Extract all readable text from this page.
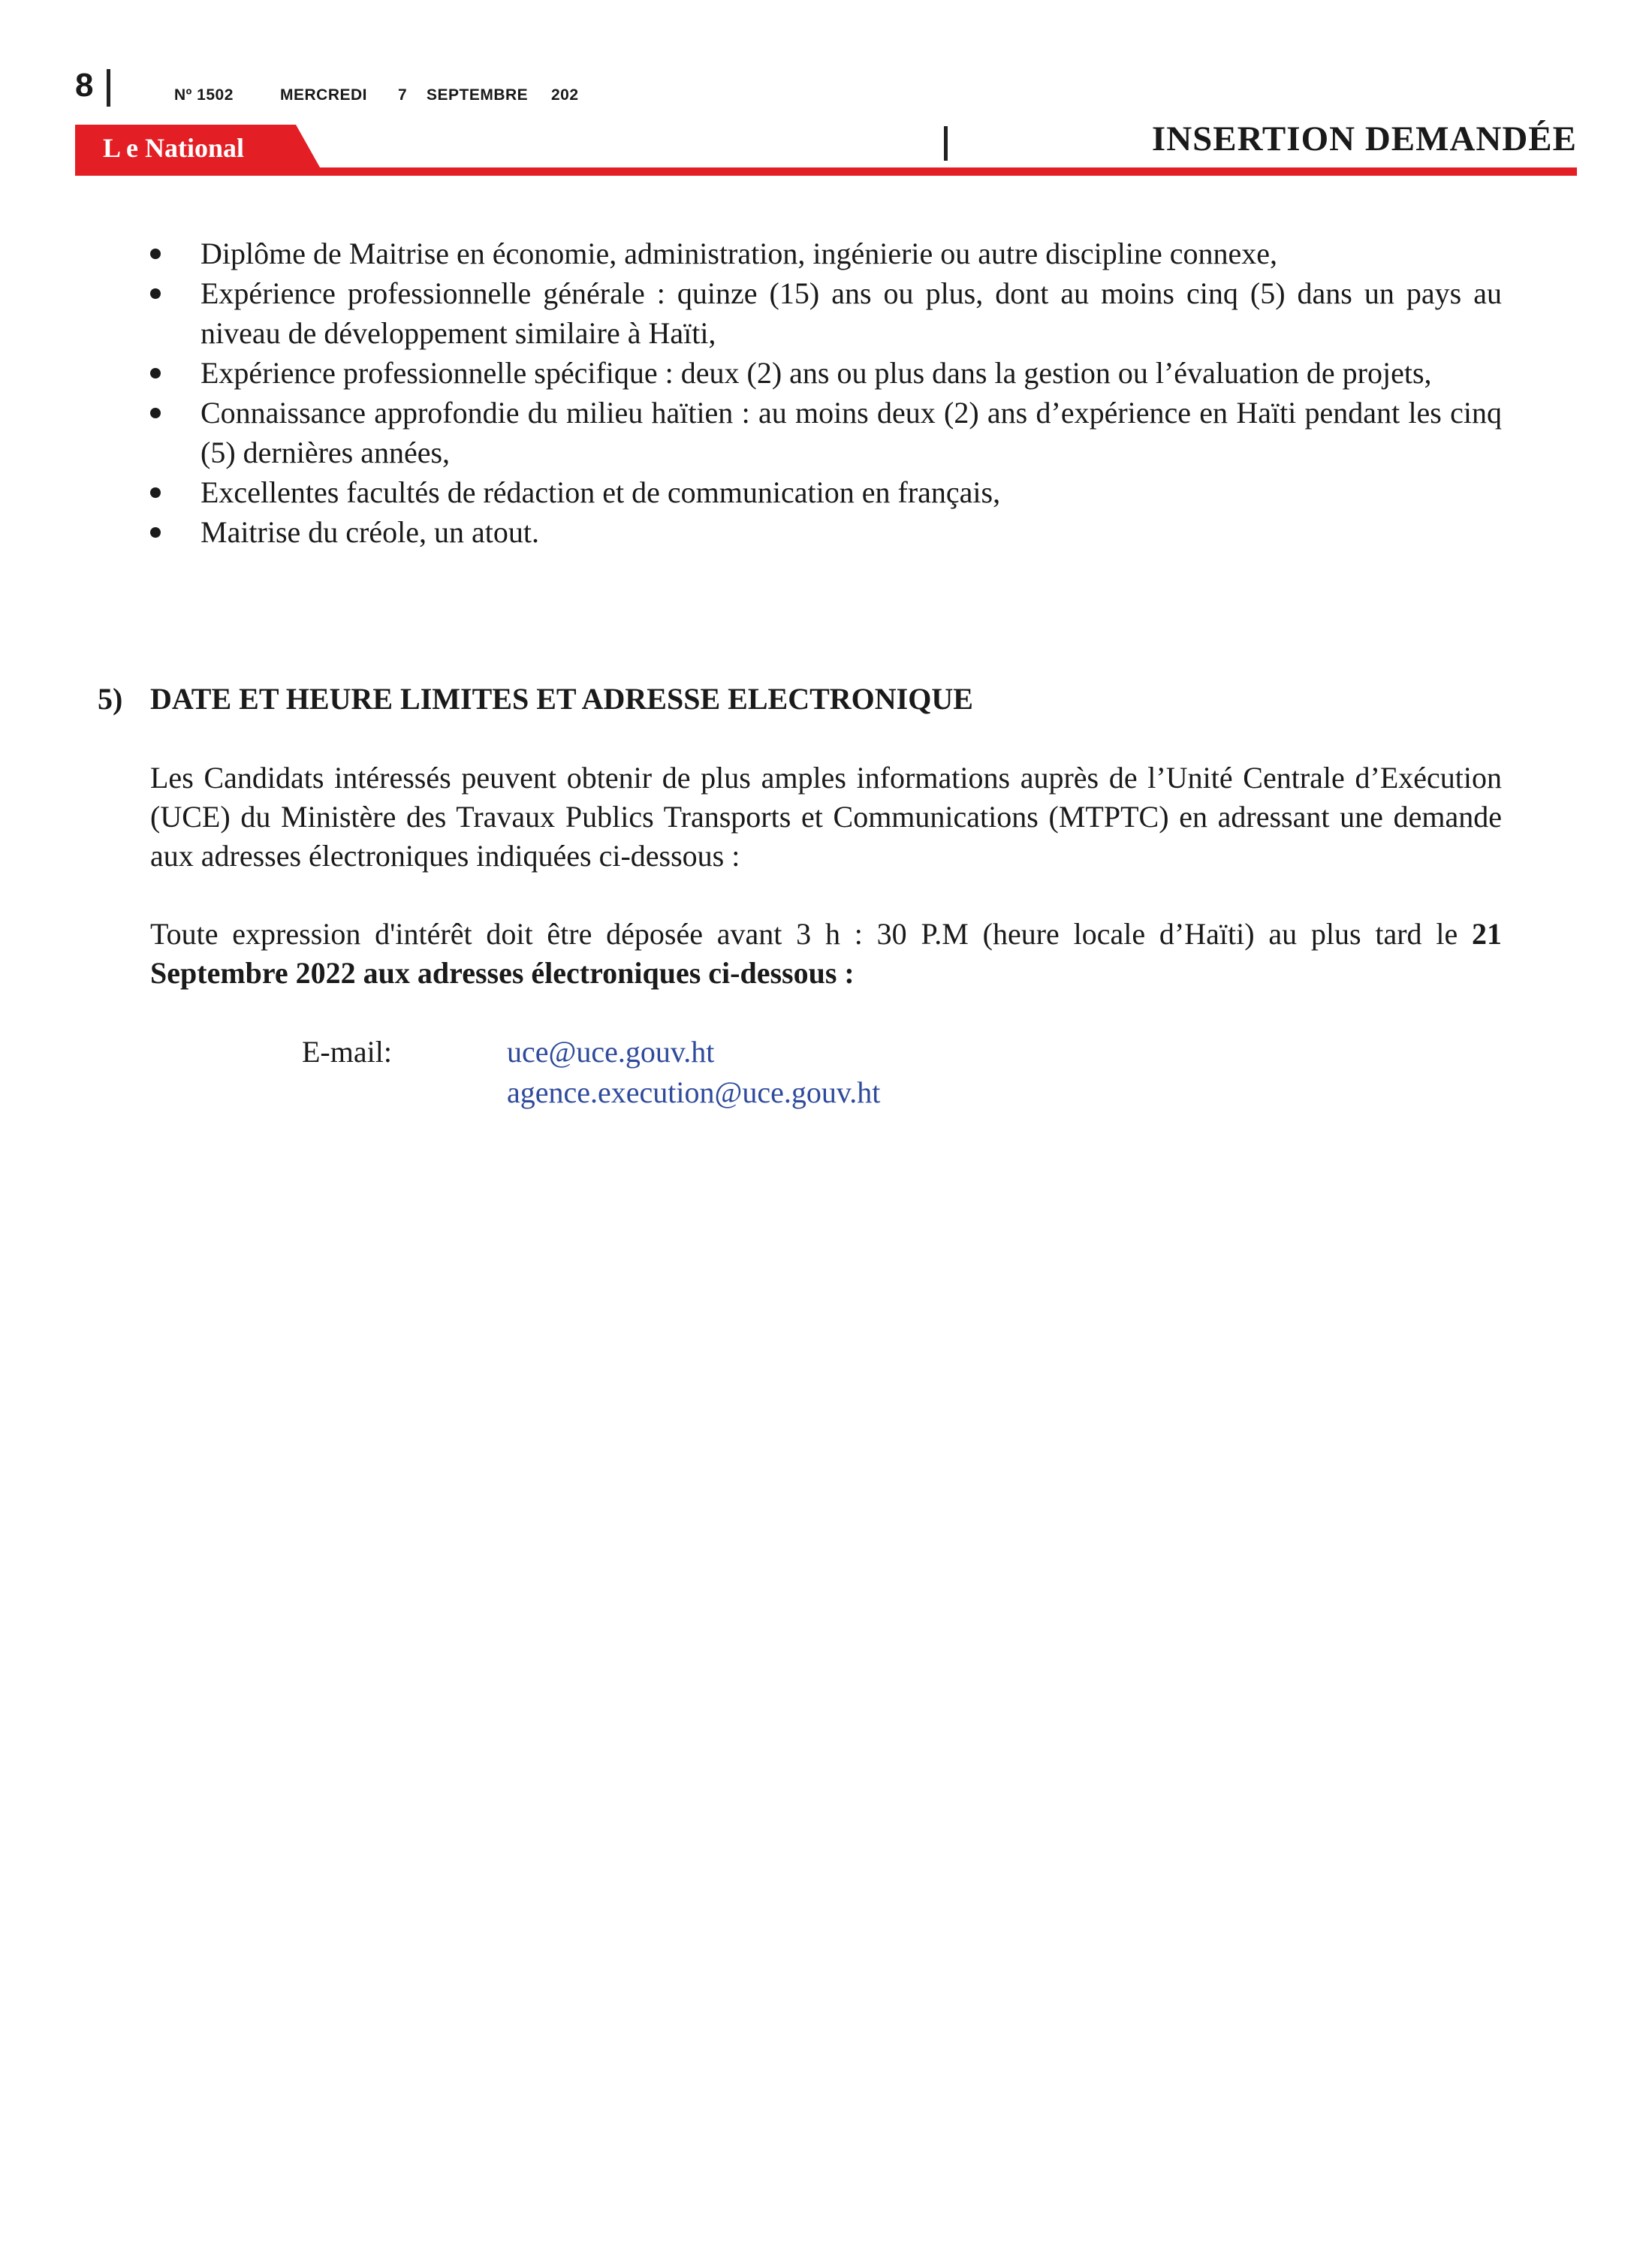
8	Nº 1502	MERCREDI 7 SEPTEMBRE 202
L e National	INSERTION DEMANDÉE
Diplôme de Maitrise en économie, administration, ingénierie ou autre discipline connexe,
Expérience professionnelle générale : quinze (15) ans ou plus, dont au moins cinq (5) dans un pays au niveau de développement similaire à Haïti,
Expérience professionnelle spécifique : deux (2) ans ou plus dans la gestion ou l’évaluation de projets,
Connaissance approfondie du milieu haïtien : au moins deux (2) ans d’expérience en Haïti pendant les cinq (5) dernières années,
Excellentes facultés de rédaction et de communication en français,
Maitrise du créole, un atout.
5) DATE ET HEURE LIMITES ET ADRESSE ELECTRONIQUE

Les Candidats intéressés peuvent obtenir de plus amples informations auprès de l’Unité Centrale d’Exécution (UCE) du Ministère des Travaux Publics Transports et Communications (MTPTC) en adressant une demande aux adresses électroniques indiquées ci-dessous :

Toute expression d'intérêt doit être déposée avant 3 h : 30 P.M (heure locale d’Haïti) au plus tard le 21 Septembre 2022 aux adresses électroniques ci-dessous :

E-mail:	uce@uce.gouv.ht
agence.execution@uce.gouv.ht
